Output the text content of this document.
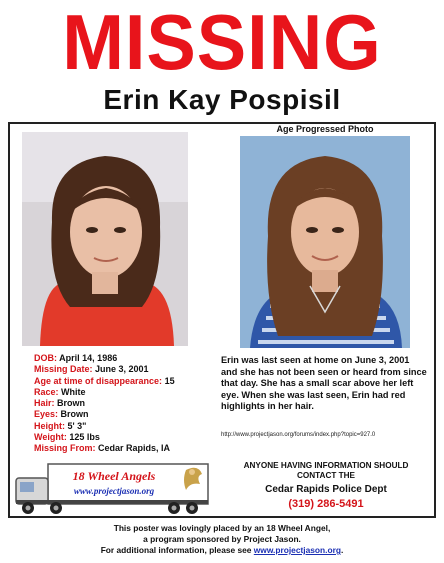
MISSING
Erin Kay Pospisil
Age Progressed Photo
DOB: April 14, 1986
Missing Date: June 3, 2001
Age at time of disappearance: 15
Race: White
Hair: Brown
Eyes: Brown
Height: 5' 3"
Weight: 125 lbs
Missing From: Cedar Rapids, IA
Erin was last seen at home on June 3, 2001 and she has not been seen or heard from since that day. She has a small scar above her left eye. When she was last seen, Erin had red highlights in her hair.
http://www.projectjason.org/forums/index.php?topic=927.0
ANYONE HAVING INFORMATION SHOULD
CONTACT THE
Cedar Rapids Police Dept
(319) 286-5491
18 Wheel Angels
www.projectjason.org
This poster was lovingly placed by an 18 Wheel Angel,
a program sponsored by Project Jason.
For additional information, please see www.projectjason.org.
